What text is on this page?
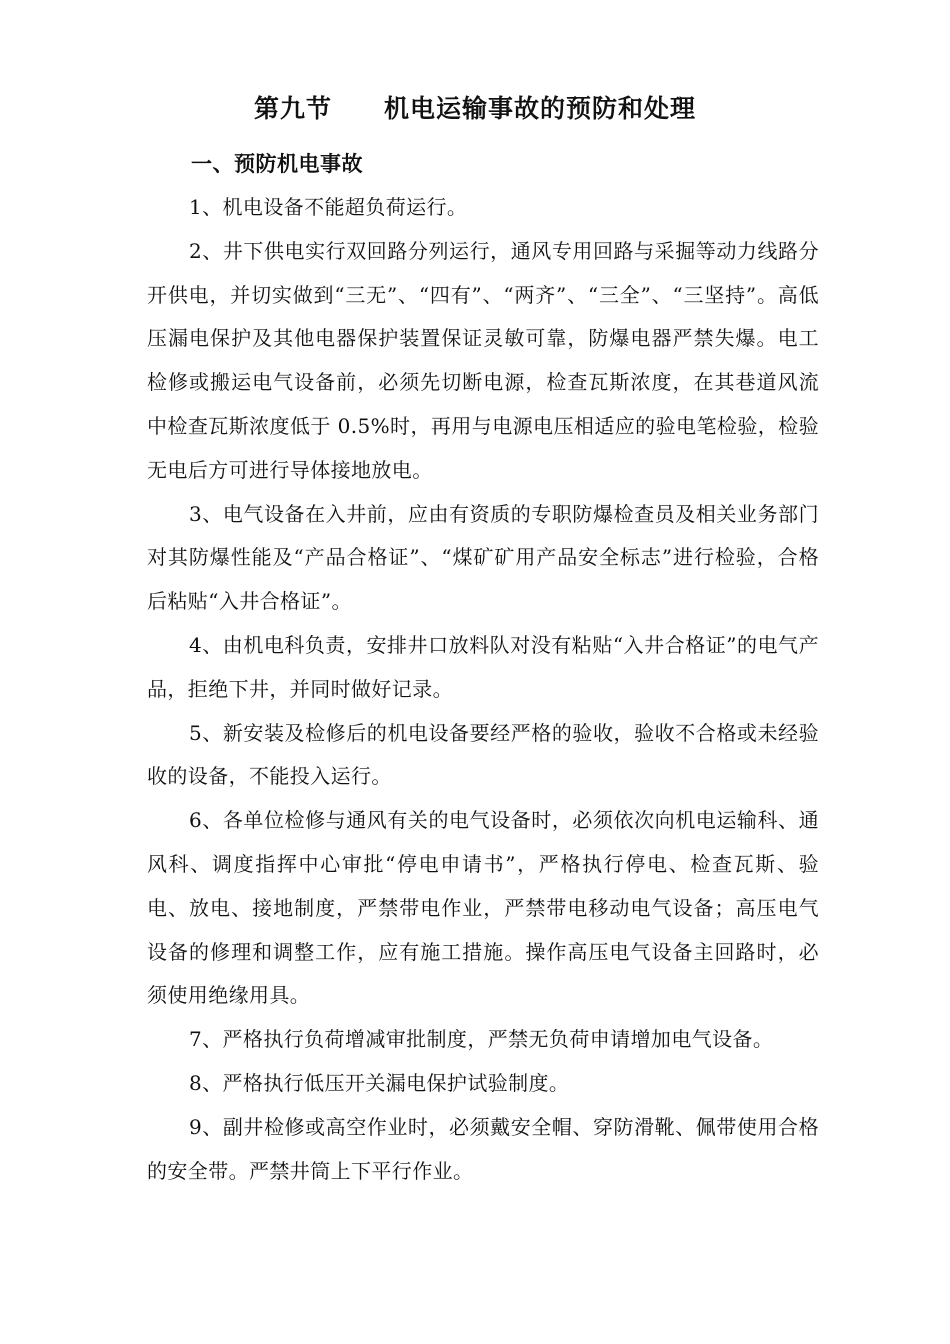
第九节　　机电运输事故的预防和处理
一、预防机电事故

1、机电设备不能超负荷运行。

2、井下供电实行双回路分列运行，通风专用回路与采掘等动力线路分开供电，并切实做到“三无”、“四有”、“两齐”、“三全”、“三坚持”。高低压漏电保护及其他电器保护装置保证灵敏可靠，防爆电器严禁失爆。电工检修或搬运电气设备前，必须先切断电源，检查瓦斯浓度，在其巷道风流中检查瓦斯浓度低于 0.5%时，再用与电源电压相适应的验电笔检验，检验无电后方可进行导体接地放电。

3、电气设备在入井前，应由有资质的专职防爆检查员及相关业务部门对其防爆性能及“产品合格证”、“煤矿矿用产品安全标志”进行检验，合格后粘贴“入井合格证”。

4、由机电科负责，安排井口放料队对没有粘贴“入井合格证”的电气产品，拒绝下井，并同时做好记录。

5、新安装及检修后的机电设备要经严格的验收，验收不合格或未经验收的设备，不能投入运行。

6、各单位检修与通风有关的电气设备时，必须依次向机电运输科、通风科、调度指挥中心审批“停电申请书”，严格执行停电、检查瓦斯、验电、放电、接地制度，严禁带电作业，严禁带电移动电气设备；高压电气设备的修理和调整工作，应有施工措施。操作高压电气设备主回路时，必须使用绝缘用具。

7、严格执行负荷增减审批制度，严禁无负荷申请增加电气设备。

8、严格执行低压开关漏电保护试验制度。

9、副井检修或高空作业时，必须戴安全帽、穿防滑靴、佩带使用合格的安全带。严禁井筒上下平行作业。
